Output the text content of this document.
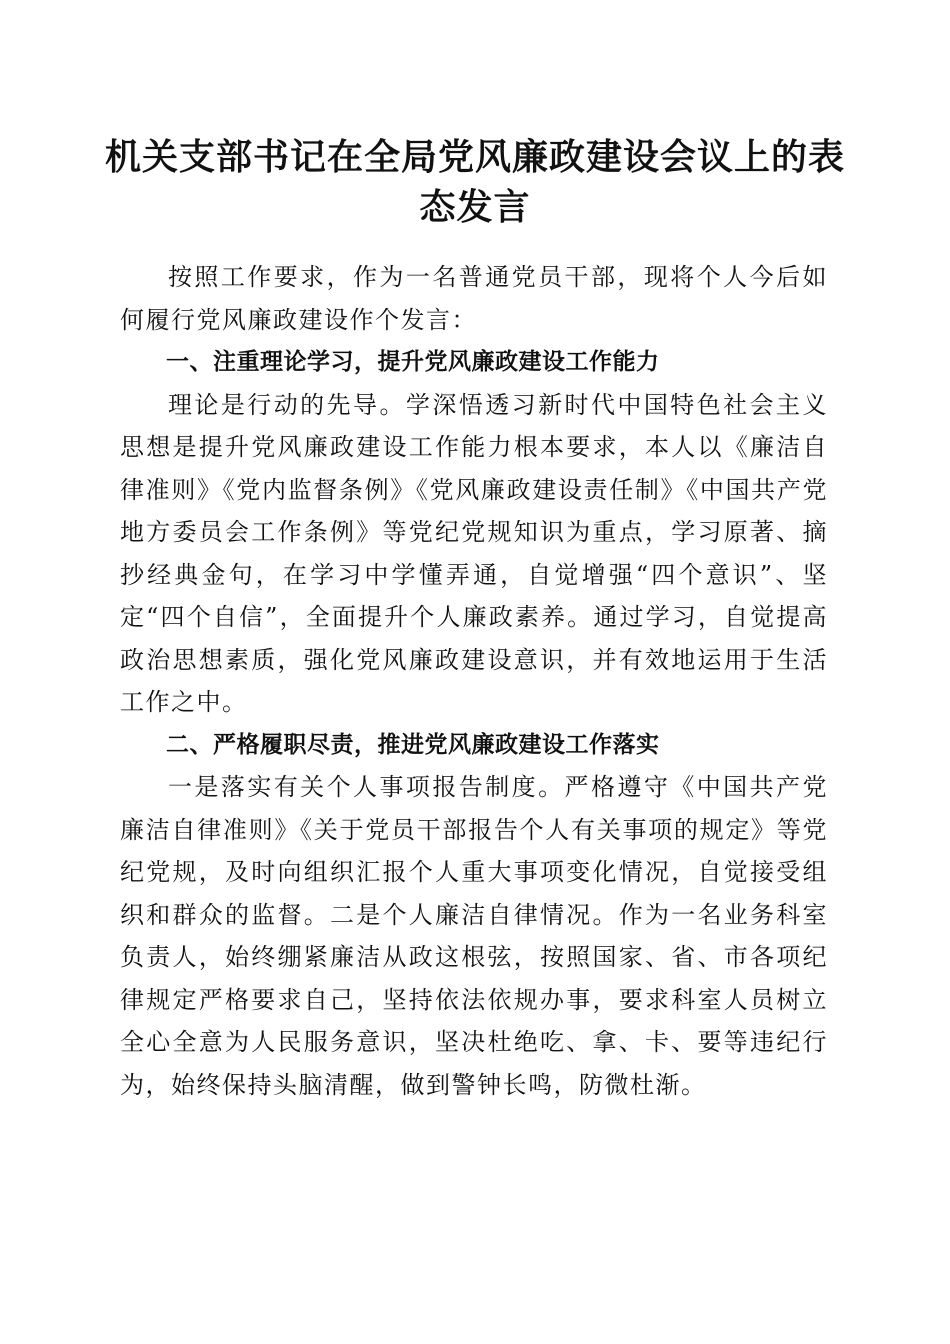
机关支部书记在全局党风廉政建设会议上的表态发言

按照工作要求，作为一名普通党员干部，现将个人今后如何履行党风廉政建设作个发言：

一、注重理论学习，提升党风廉政建设工作能力

理论是行动的先导。学深悟透习新时代中国特色社会主义思想是提升党风廉政建设工作能力根本要求，本人以《廉洁自律准则》《党内监督条例》《党风廉政建设责任制》《中国共产党地方委员会工作条例》等党纪党规知识为重点，学习原著、摘抄经典金句，在学习中学懂弄通，自觉增强“四个意识”、坚定“四个自信”，全面提升个人廉政素养。通过学习，自觉提高政治思想素质，强化党风廉政建设意识，并有效地运用于生活工作之中。

二、严格履职尽责，推进党风廉政建设工作落实

一是落实有关个人事项报告制度。严格遵守《中国共产党廉洁自律准则》《关于党员干部报告个人有关事项的规定》等党纪党规，及时向组织汇报个人重大事项变化情况，自觉接受组织和群众的监督。二是个人廉洁自律情况。作为一名业务科室负责人，始终绷紧廉洁从政这根弦，按照国家、省、市各项纪律规定严格要求自己，坚持依法依规办事，要求科室人员树立全心全意为人民服务意识，坚决杜绝吃、拿、卡、要等违纪行为，始终保持头脑清醒，做到警钟长鸣，防微杜渐。
